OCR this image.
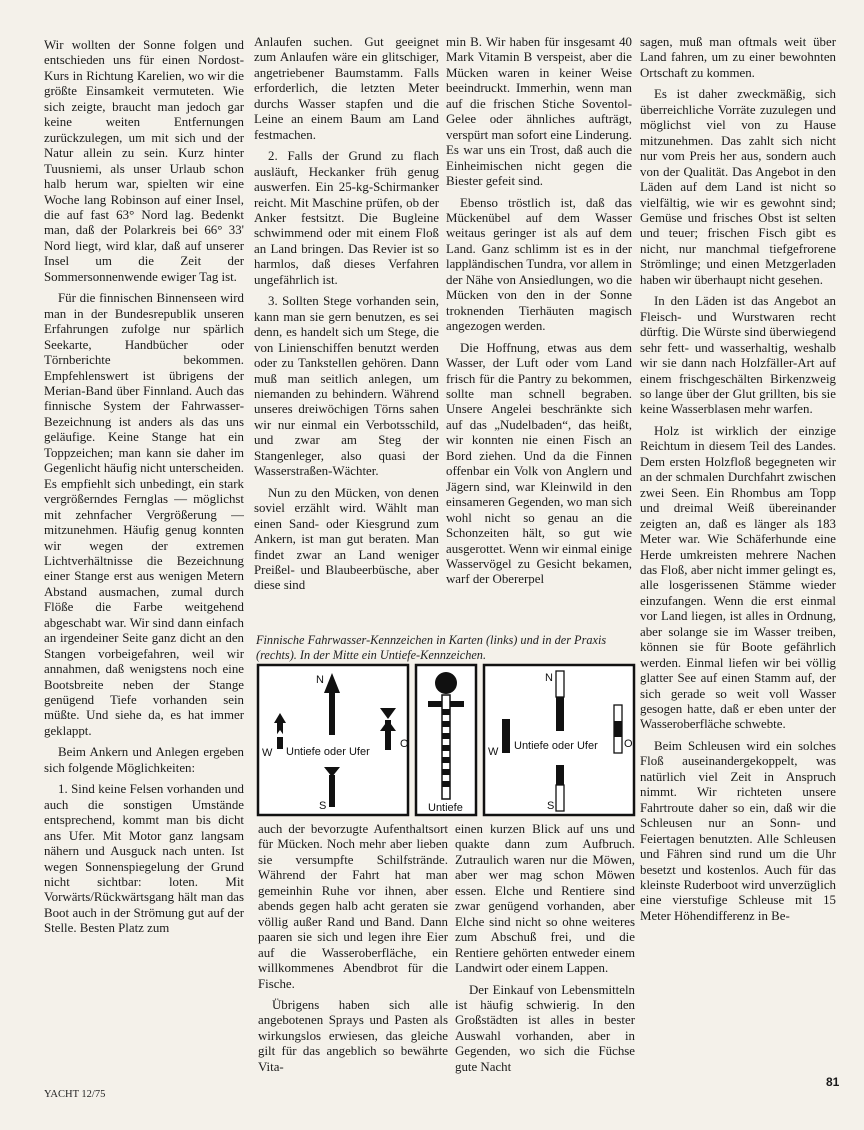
Wir wollten der Sonne folgen und entschieden uns für einen Nordost-Kurs in Richtung Karelien, wo wir die größte Einsamkeit vermuteten. Wie sich zeigte, braucht man jedoch gar keine weiten Entfernungen zurückzulegen, um mit sich und der Natur allein zu sein. Kurz hinter Tuusniemi, als unser Urlaub schon halb herum war, spielten wir eine Woche lang Robinson auf einer Insel, die auf fast 63° Nord lag. Bedenkt man, daß der Polarkreis bei 66° 33' Nord liegt, wird klar, daß auf unserer Insel um die Zeit der Sommersonnenwende ewiger Tag ist.

Für die finnischen Binnenseen wird man in der Bundesrepublik unseren Erfahrungen zufolge nur spärlich Seekarte, Handbücher oder Törnberichte bekommen. Empfehlenswert ist übrigens der Merian-Band über Finnland. Auch das finnische System der Fahrwasser-Bezeichnung ist anders als das uns geläufige. Keine Stange hat ein Toppzeichen; man kann sie daher im Gegenlicht häufig nicht unterscheiden. Es empfiehlt sich unbedingt, ein stark vergrößerndes Fernglas — möglichst mit zehnfacher Vergrößerung — mitzunehmen. Häufig genug konnten wir wegen der extremen Lichtverhältnisse die Bezeichnung einer Stange erst aus wenigen Metern Abstand ausmachen, zumal durch Flöße die Farbe weitgehend abgeschabt war. Wir sind dann einfach an irgendeiner Seite ganz dicht an den Stangen vorbeigefahren, weil wir annahmen, daß wenigstens noch eine Bootsbreite neben der Stange genügend Tiefe vorhanden sein müßte. Und siehe da, es hat immer geklappt.

Beim Ankern und Anlegen ergeben sich folgende Möglichkeiten:

1. Sind keine Felsen vorhanden und auch die sonstigen Umstände entsprechend, kommt man bis dicht ans Ufer. Mit Motor ganz langsam nähern und Ausguck nach unten. Ist wegen Sonnenspiegelung der Grund nicht sichtbar: loten. Mit Vorwärts/Rückwärtsgang hält man das Boot auch in der Strömung gut auf der Stelle. Besten Platz zum

Anlaufen suchen. Gut geeignet zum Anlaufen wäre ein glitschiger, angetriebener Baumstamm. Falls erforderlich, die letzten Meter durchs Wasser stapfen und die Leine an einem Baum am Land festmachen.

2. Falls der Grund zu flach ausläuft, Heckanker früh genug auswerfen. Ein 25-kg-Schirmanker reicht. Mit Maschine prüfen, ob der Anker festsitzt. Die Bugleine schwimmend oder mit einem Floß an Land bringen. Das Revier ist so harmlos, daß dieses Verfahren ungefährlich ist.

3. Sollten Stege vorhanden sein, kann man sie gern benutzen, es sei denn, es handelt sich um Stege, die von Linienschiffen benutzt werden oder zu Tankstellen gehören. Dann muß man seitlich anlegen, um niemanden zu behindern. Während unseres dreiwöchigen Törns sahen wir nur einmal ein Verbotsschild, und zwar am Steg der Stangenleger, also quasi der Wasserstraßen-Wächter.

Nun zu den Mücken, von denen soviel erzählt wird. Wählt man einen Sand- oder Kiesgrund zum Ankern, ist man gut beraten. Man findet zwar an Land weniger Preißel- und Blaubeerbüsche, aber diese sind

min B. Wir haben für insgesamt 40 Mark Vitamin B verspeist, aber die Mücken waren in keiner Weise beeindruckt. Immerhin, wenn man auf die frischen Stiche Soventol-Gelee oder ähnliches aufträgt, verspürt man sofort eine Linderung. Es war uns ein Trost, daß auch die Einheimischen nicht gegen die Biester gefeit sind.

Ebenso tröstlich ist, daß das Mückenübel auf dem Wasser weitaus geringer ist als auf dem Land. Ganz schlimm ist es in der lappländischen Tundra, vor allem in der Nähe von Ansiedlungen, wo die Mücken von den in der Sonne troknenden Tierhäuten magisch angezogen werden.

Die Hoffnung, etwas aus dem Wasser, der Luft oder vom Land frisch für die Pantry zu bekommen, sollte man schnell begraben. Unsere Angelei beschränkte sich auf das „Nudelbaden“, das heißt, wir konnten nie einen Fisch an Bord ziehen. Und da die Finnen offenbar ein Volk von Anglern und Jägern sind, war Kleinwild in den einsameren Gegenden, wo man sich wohl nicht so genau an die Schonzeiten hält, so gut wie ausgerottet. Wenn wir einmal einige Wasservögel zu Gesicht bekamen, warf der Obererpel

sagen, muß man oftmals weit über Land fahren, um zu einer bewohnten Ortschaft zu kommen.

Es ist daher zweckmäßig, sich überreichliche Vorräte zuzulegen und möglichst viel von zu Hause mitzunehmen. Das zahlt sich nicht nur vom Preis her aus, sondern auch von der Qualität. Das Angebot in den Läden auf dem Land ist nicht so vielfältig, wie wir es gewohnt sind; Gemüse und frisches Obst ist selten und teuer; frischen Fisch gibt es nicht, nur manchmal tiefgefrorene Strömlinge; und einen Metzgerladen haben wir überhaupt nicht gesehen.

In den Läden ist das Angebot an Fleisch- und Wurstwaren recht dürftig. Die Würste sind überwiegend sehr fett- und wasserhaltig, weshalb wir sie dann nach Holzfäller-Art auf einem frischgeschälten Birkenzweig so lange über der Glut grillten, bis sie keine Wasserblasen mehr warfen.

Holz ist wirklich der einzige Reichtum in diesem Teil des Landes. Dem ersten Holzfloß begegneten wir an der schmalen Durchfahrt zwischen zwei Seen. Ein Rhombus am Topp und dreimal Weiß übereinander zeigten an, daß es länger als 183 Meter war. Wie Schäferhunde eine Herde umkreisten mehrere Nachen das Floß, aber nicht immer gelingt es, alle losgerissenen Stämme wieder einzufangen. Wenn die erst einmal vor Land liegen, ist alles in Ordnung, aber solange sie im Wasser treiben, können sie für Boote gefährlich werden. Einmal liefen wir bei völlig glatter See auf einen Stamm auf, der sich gerade so weit voll Wasser gesogen hatte, daß er eben unter der Wasseroberfläche schwebte.

Beim Schleusen wird ein solches Floß auseinandergekoppelt, was natürlich viel Zeit in Anspruch nimmt. Wir richteten unsere Fahrtroute daher so ein, daß wir die Schleusen nur an Sonn- und Feiertagen benutzten. Alle Schleusen und Fähren sind rund um die Uhr besetzt und kostenlos. Auch für das kleinste Ruderboot wird unverzüglich eine vierstufige Schleuse mit 15 Meter Höhendifferenz in Be-

Finnische Fahrwasser-Kennzeichen in Karten (links) und in der Praxis (rechts). In der Mitte ein Untiefe-Kennzeichen.

N
S
W
O
Untiefe oder Ufer
Untiefe
N
S
W
O
Untiefe oder Ufer

auch der bevorzugte Aufenthaltsort für Mücken. Noch mehr aber lieben sie versumpfte Schilfstrände. Während der Fahrt hat man gemeinhin Ruhe vor ihnen, aber abends gegen halb acht geraten sie völlig außer Rand und Band. Dann paaren sie sich und legen ihre Eier auf die Wasseroberfläche, ein willkommenes Abendbrot für die Fische.

Übrigens haben sich alle angebotenen Sprays und Pasten als wirkungslos erwiesen, das gleiche gilt für das angeblich so bewährte Vita-

einen kurzen Blick auf uns und quakte dann zum Aufbruch. Zutraulich waren nur die Möwen, aber wer mag schon Möwen essen. Elche und Rentiere sind zwar genügend vorhanden, aber Elche sind nicht so ohne weiteres zum Abschuß frei, und die Rentiere gehörten entweder einem Landwirt oder einem Lappen.

Der Einkauf von Lebensmitteln ist häufig schwierig. In den Großstädten ist alles in bester Auswahl vorhanden, aber in Gegenden, wo sich die Füchse gute Nacht

YACHT 12/75
81
